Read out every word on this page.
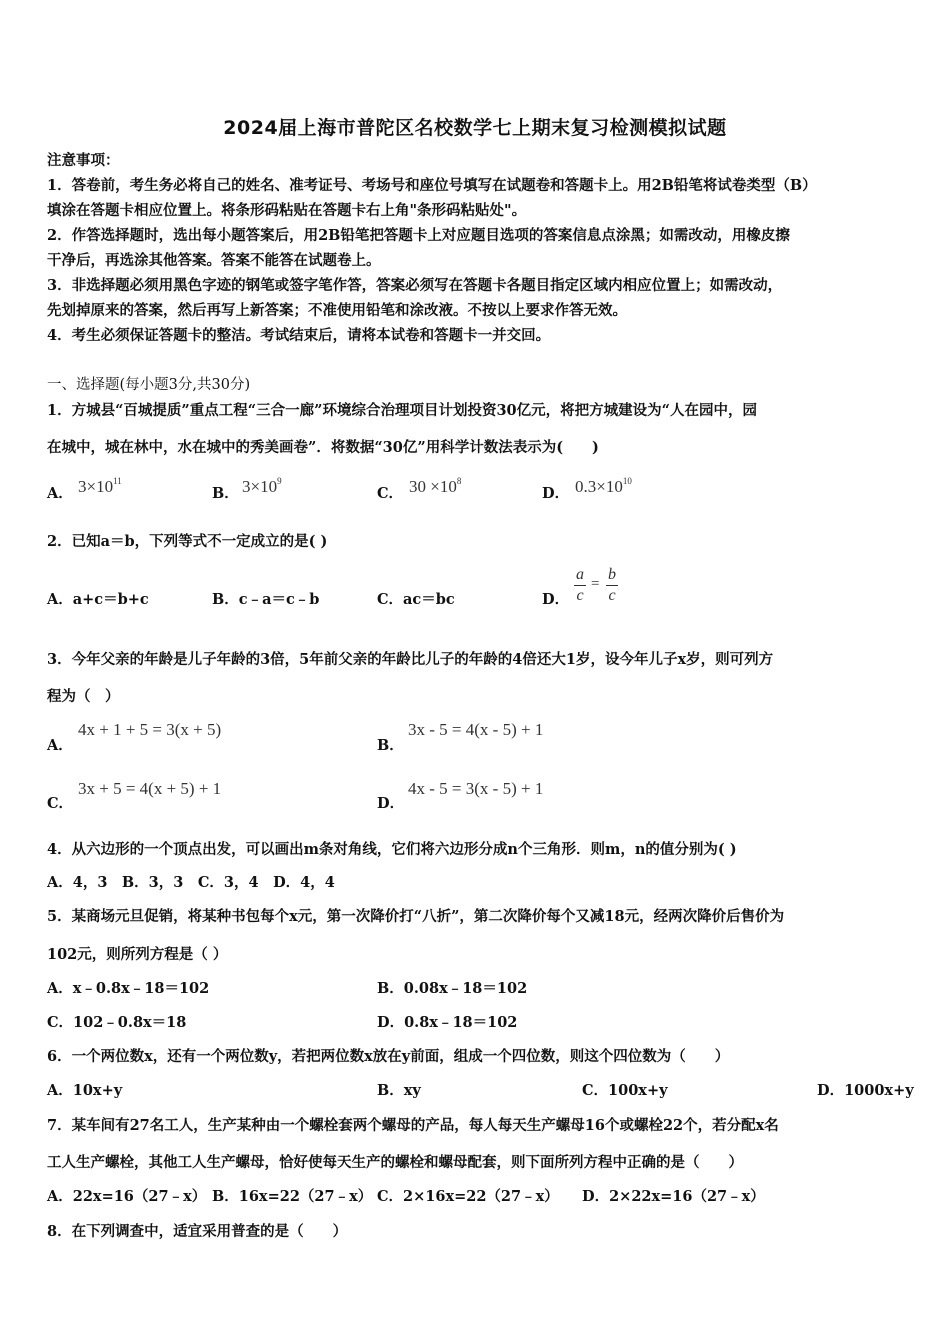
2024届上海市普陀区名校数学七上期末复习检测模拟试题
注意事项：
1．答卷前，考生务必将自己的姓名、准考证号、考场号和座位号填写在试题卷和答题卡上。用2B铅笔将试卷类型（B）
填涂在答题卡相应位置上。将条形码粘贴在答题卡右上角"条形码粘贴处"。
2．作答选择题时，选出每小题答案后，用2B铅笔把答题卡上对应题目选项的答案信息点涂黑；如需改动，用橡皮擦
干净后，再选涂其他答案。答案不能答在试题卷上。
3．非选择题必须用黑色字迹的钢笔或签字笔作答，答案必须写在答题卡各题目指定区域内相应位置上；如需改动，
先划掉原来的答案，然后再写上新答案；不准使用铅笔和涂改液。不按以上要求作答无效。
4．考生必须保证答题卡的整洁。考试结束后，请将本试卷和答题卡一并交回。
一、选择题(每小题3分,共30分)
1．方城县“百城提质”重点工程“三合一廊”环境综合治理项目计划投资30亿元，将把方城建设为“人在园中，园
在城中，城在林中，水在城中的秀美画卷”．将数据“30亿”用科学计数法表示为(　　)
A． $3\times 10^{11}$
B． $3\times 10^9$
C． $30 \times 10^8$
D． $0.3\times 10^{10}$
2．已知a＝b，下列等式不一定成立的是( )
A．a+c＝b+c	B．c﹣a＝c﹣b	C．ac＝bc	D．
a
c
=
b
c
3．今年父亲的年龄是儿子年龄的3倍，5年前父亲的年龄比儿子的年龄的4倍还大1岁，设今年儿子x岁，则可列方
程为（　）
A．
4x + 1 + 5 = 3(x + 5)
B．
3x - 5 = 4(x - 5) + 1
C．
3x + 5 = 4(x + 5) + 1
D．
4x - 5 = 3(x - 5) + 1
4．从六边形的一个顶点出发，可以画出m条对角线，它们将六边形分成n个三角形．则m，n的值分别为( )
A．4，3　B．3，3　C．3，4　D．4，4
5．某商场元旦促销，将某种书包每个x元，第一次降价打“八折”，第二次降价每个又减18元，经两次降价后售价为
102元，则所列方程是（ ）
A．x﹣0.8x﹣18＝102	B．0.08x﹣18＝102
C．102﹣0.8x＝18	D．0.8x﹣18＝102
6．一个两位数x，还有一个两位数y，若把两位数x放在y前面，组成一个四位数，则这个四位数为（　　）
A．10x+y	B．xy	C．100x+y	D．1000x+y
7．某车间有27名工人，生产某种由一个螺栓套两个螺母的产品，每人每天生产螺母16个或螺栓22个，若分配x名
工人生产螺栓，其他工人生产螺母，恰好使每天生产的螺栓和螺母配套，则下面所列方程中正确的是（　　）
A．22x=16（27﹣x） B．16x=22（27﹣x） C．2×16x=22（27﹣x） D．2×22x=16（27﹣x）
8．在下列调查中，适宜采用普查的是（　　）
